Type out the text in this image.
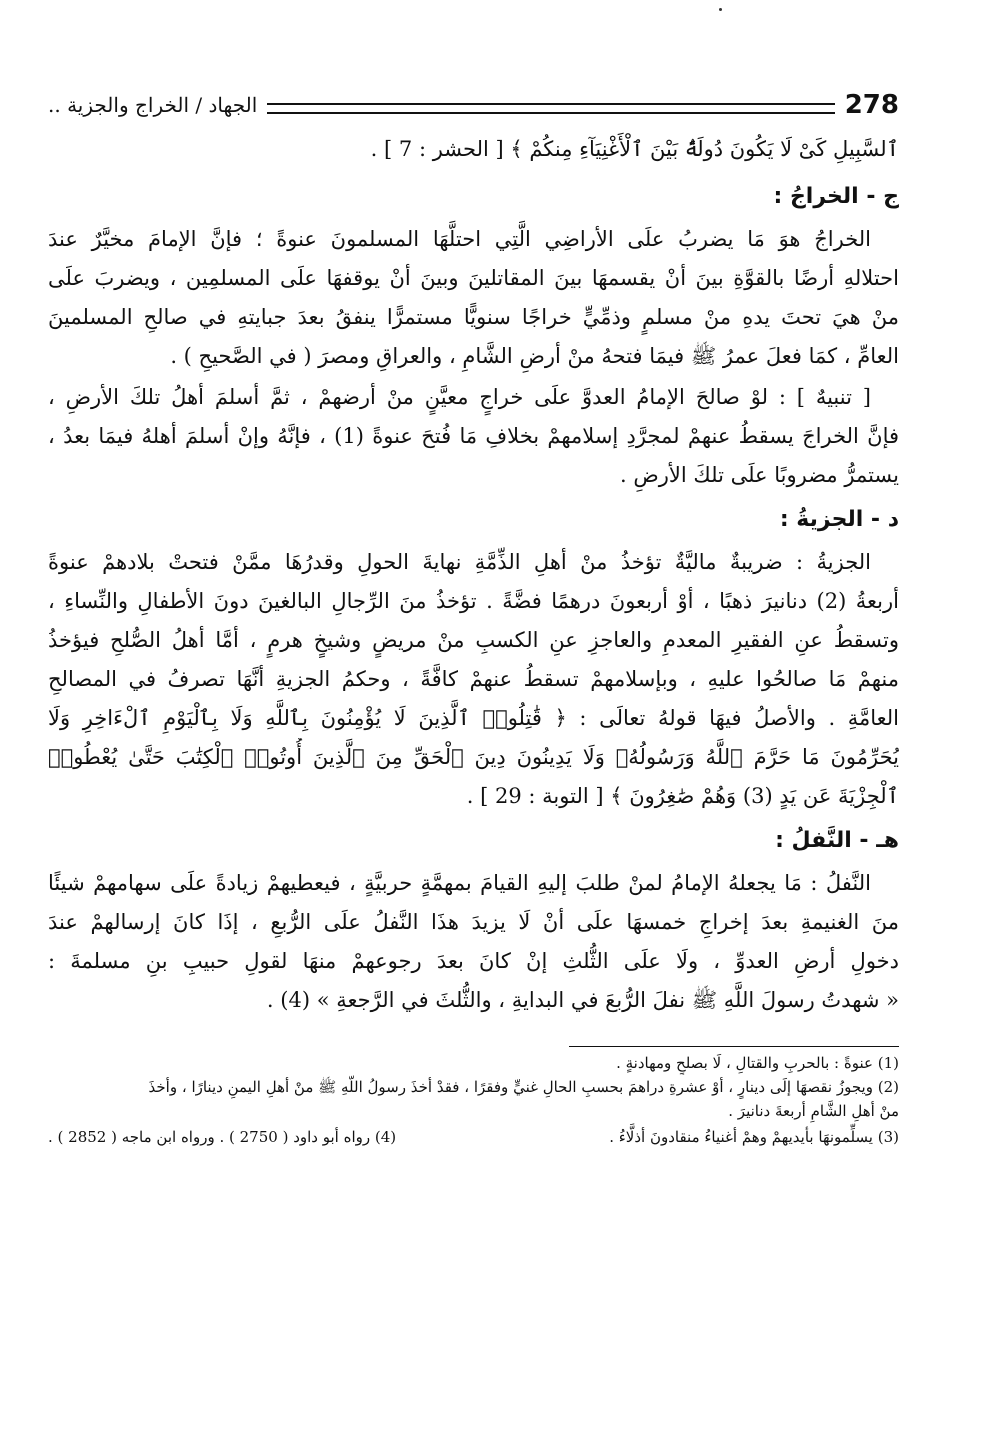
278
الجهاد / الخراج والجزية ..
ٱلسَّبِيلِ كَىْ لَا يَكُونَ دُولَةًۢ بَيْنَ ٱلْأَغْنِيَآءِ مِنكُمْ ﴾ [ الحشر : 7 ] .
ج - الخراجُ :
الخراجُ هوَ مَا يضربُ علَى الأراضِي الَّتِي احتلَّهَا المسلمونَ عنوةً ؛ فإنَّ الإمامَ مخيَّرٌ عندَ
احتلالهِ أرضًا بالقوَّةِ بينَ أنْ يقسمهَا بينَ المقاتلينَ وبينَ أنْ يوقفهَا علَى المسلمِين ، ويضربَ علَى
منْ هيَ تحتَ يدهِ منْ مسلمٍ وذمِّيٍّ خراجًا سنويًّا مستمرًّا ينفقُ بعدَ جبايتهِ في صالحِ المسلمينَ
العامِّ ، كمَا فعلَ عمرُ ﷺ فيمَا فتحهُ منْ أرضِ الشَّامِ ، والعراقِ ومصرَ ( في الصَّحيحِ ) .
[ تنبيهٌ ] : لوْ صالحَ الإمامُ العدوَّ علَى خراجٍ معيَّنٍ منْ أرضهمْ ، ثمَّ أسلمَ أهلُ تلكَ الأرضِ ،
فإنَّ الخراجَ يسقطُ عنهمْ لمجرَّدِ إسلامهمْ بخلافِ مَا فُتحَ عنوةً (1) ، فإنَّهُ وإنْ أسلمَ أهلهُ فيمَا بعدُ ،
يستمرُّ مضروبًا علَى تلكَ الأرضِ .
د - الجزيةُ :
الجزيةُ : ضريبةٌ ماليَّةٌ تؤخذُ منْ أهلِ الذِّمَّةِ نهايةَ الحولِ وقدرُهَا ممَّنْ فتحتْ بلادهمْ عنوةً
أربعةُ (2) دنانيرَ ذهبًا ، أوْ أربعونَ درهمًا فضَّةً . تؤخذُ منَ الرِّجالِ البالغينَ دونَ الأطفالِ والنِّساءِ ،
وتسقطُ عنِ الفقيرِ المعدمِ والعاجزِ عنِ الكسبِ منْ مريضٍ وشيخٍ هرمٍ ، أمَّا أهلُ الصُّلحِ فيؤخذُ
منهمْ مَا صالحُوا عليهِ ، وبإسلامهمْ تسقطُ عنهمْ كافَّةً ، وحكمُ الجزيةِ أنَّهَا تصرفُ في المصالحِ
العامَّةِ . والأصلُ فيهَا قولهُ تعالَى : ﴿ قَٰتِلُوا۟ ٱلَّذِينَ لَا يُؤْمِنُونَ بِٱللَّهِ وَلَا بِٱلْيَوْمِ ٱلْءَاخِرِ وَلَا
يُحَرِّمُونَ مَا حَرَّمَ ٱللَّهُ وَرَسُولُهُۥ وَلَا يَدِينُونَ دِينَ ٱلْحَقِّ مِنَ ٱلَّذِينَ أُوتُوا۟ ٱلْكِتَٰبَ حَتَّىٰ يُعْطُوا۟
ٱلْجِزْيَةَ عَن يَدٍ (3) وَهُمْ صَٰغِرُونَ ﴾ [ التوبة : 29 ] .
هـ - النَّفلُ :
النَّفلُ : مَا يجعلهُ الإمامُ لمنْ طلبَ إليهِ القيامَ بمهمَّةٍ حربيَّةٍ ، فيعطيهمْ زيادةً علَى سهامهمْ شيئًا
منَ الغنيمةِ بعدَ إخراجِ خمسهَا علَى أنْ لَا يزيدَ هذَا النَّفلُ علَى الرُّبعِ ، إذَا كانَ إرسالهمْ عندَ
دخولِ أرضِ العدوِّ ، ولَا علَى الثُّلثِ إنْ كانَ بعدَ رجوعهمْ منهَا لقولِ حبيبِ بنِ مسلمةَ :
« شهدتُ رسولَ اللَّهِ ﷺ نفلَ الرُّبعَ في البدايةِ ، والثُّلثَ في الرَّجعةِ » (4) .
(1) عنوةً : بالحربِ والقتالِ ، لَا بصلحٍ ومهادنةٍ .
(2) ويجوزُ نقصهَا إلَى دينارٍ ، أوْ عشرةِ دراهمَ بحسبِ الحالِ غنيٍّ وفقرًا ، فقدْ أخذَ رسولُ اللَّهِ ﷺ منْ أهلِ اليمنِ دينارًا ، وأخذَ
منْ أهلِ الشَّامِ أربعةَ دنانيرَ .
(3) يسلِّمونهَا بأيديهمْ وهمْ أغنياءُ منقادونَ أذلَّاءُ .
(4) رواه أبو داود ( 2750 ) . ورواه ابن ماجه ( 2852 ) .
